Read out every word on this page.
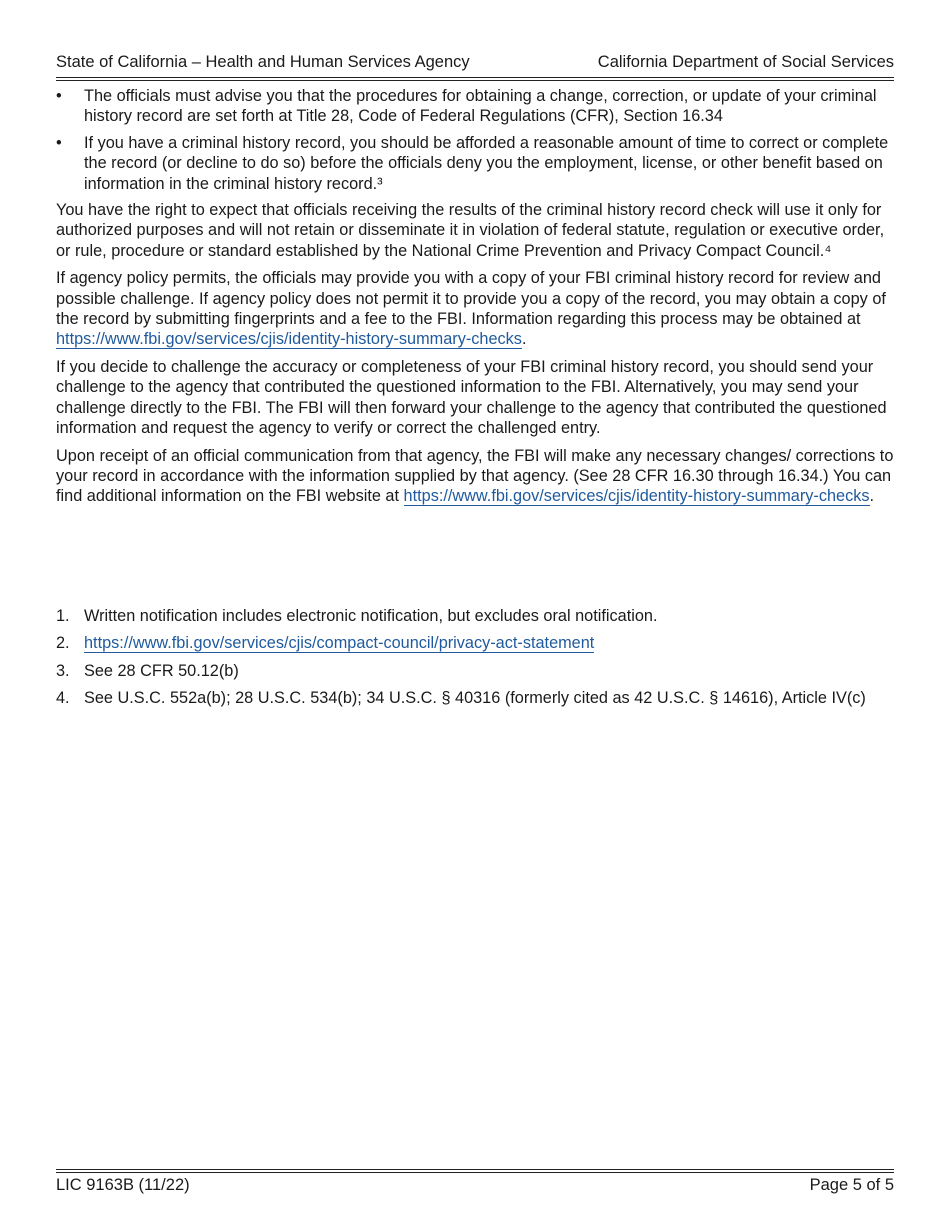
State of California – Health and Human Services Agency	California Department of Social Services
•	The officials must advise you that the procedures for obtaining a change, correction, or update of your criminal history record are set forth at Title 28, Code of Federal Regulations (CFR), Section 16.34
•	If you have a criminal history record, you should be afforded a reasonable amount of time to correct or complete the record (or decline to do so) before the officials deny you the employment, license, or other benefit based on information in the criminal history record.³

You have the right to expect that officials receiving the results of the criminal history record check will use it only for authorized purposes and will not retain or disseminate it in violation of federal statute, regulation or executive order, or rule, procedure or standard established by the National Crime Prevention and Privacy Compact Council.⁴

If agency policy permits, the officials may provide you with a copy of your FBI criminal history record for review and possible challenge. If agency policy does not permit it to provide you a copy of the record, you may obtain a copy of the record by submitting fingerprints and a fee to the FBI. Information regarding this process may be obtained at https://www.fbi.gov/services/cjis/identity-history-summary-checks.

If you decide to challenge the accuracy or completeness of your FBI criminal history record, you should send your challenge to the agency that contributed the questioned information to the FBI. Alternatively, you may send your challenge directly to the FBI. The FBI will then forward your challenge to the agency that contributed the questioned information and request the agency to verify or correct the challenged entry.

Upon receipt of an official communication from that agency, the FBI will make any necessary changes/ corrections to your record in accordance with the information supplied by that agency. (See 28 CFR 16.30 through 16.34.) You can find additional information on the FBI website at https://www.fbi.gov/services/cjis/identity-history-summary-checks.

1. Written notification includes electronic notification, but excludes oral notification.
2. https://www.fbi.gov/services/cjis/compact-council/privacy-act-statement
3. See 28 CFR 50.12(b)
4. See U.S.C. 552a(b); 28 U.S.C. 534(b); 34 U.S.C. § 40316 (formerly cited as 42 U.S.C. § 14616), Article IV(c)
LIC 9163B (11/22)	Page 5 of 5
